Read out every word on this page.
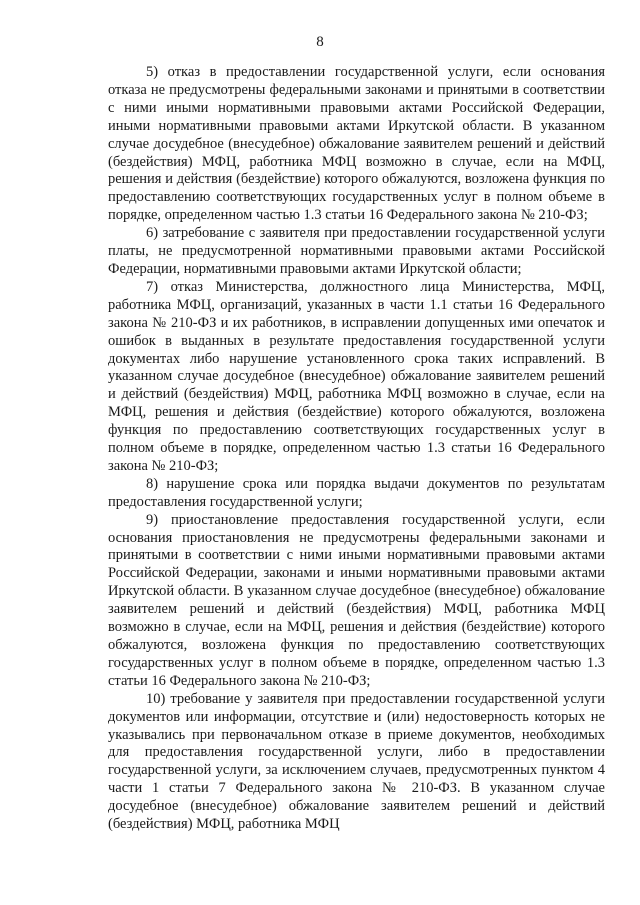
8

5) отказ в предоставлении государственной услуги, если основания отказа не предусмотрены федеральными законами и принятыми в соответствии с ними иными нормативными правовыми актами Российской Федерации, иными нормативными правовыми актами Иркутской области. В указанном случае досудебное (внесудебное) обжалование заявителем решений и действий (бездействия) МФЦ, работника МФЦ возможно в случае, если на МФЦ, решения и действия (бездействие) которого обжалуются, возложена функция по предоставлению соответствующих государственных услуг в полном объеме в порядке, определенном частью 1.3 статьи 16 Федерального закона № 210-ФЗ;

6) затребование с заявителя при предоставлении государственной услуги платы, не предусмотренной нормативными правовыми актами Российской Федерации, нормативными правовыми актами Иркутской области;

7) отказ Министерства, должностного лица Министерства, МФЦ, работника МФЦ, организаций, указанных в части 1.1 статьи 16 Федерального закона № 210-ФЗ и их работников, в исправлении допущенных ими опечаток и ошибок в выданных в результате предоставления государственной услуги документах либо нарушение установленного срока таких исправлений. В указанном случае досудебное (внесудебное) обжалование заявителем решений и действий (бездействия) МФЦ, работника МФЦ возможно в случае, если на МФЦ, решения и действия (бездействие) которого обжалуются, возложена функция по предоставлению соответствующих государственных услуг в полном объеме в порядке, определенном частью 1.3 статьи 16 Федерального закона № 210-ФЗ;

8) нарушение срока или порядка выдачи документов по результатам предоставления государственной услуги;

9) приостановление предоставления государственной услуги, если основания приостановления не предусмотрены федеральными законами и принятыми в соответствии с ними иными нормативными правовыми актами Российской Федерации, законами и иными нормативными правовыми актами Иркутской области. В указанном случае досудебное (внесудебное) обжалование заявителем решений и действий (бездействия) МФЦ, работника МФЦ возможно в случае, если на МФЦ, решения и действия (бездействие) которого обжалуются, возложена функция по предоставлению соответствующих государственных услуг в полном объеме в порядке, определенном частью 1.3 статьи 16 Федерального закона № 210-ФЗ;

10) требование у заявителя при предоставлении государственной услуги документов или информации, отсутствие и (или) недостоверность которых не указывались при первоначальном отказе в приеме документов, необходимых для предоставления государственной услуги, либо в предоставлении государственной услуги, за исключением случаев, предусмотренных пунктом 4 части 1 статьи 7 Федерального закона № 210-ФЗ. В указанном случае досудебное (внесудебное) обжалование заявителем решений и действий (бездействия) МФЦ, работника МФЦ
